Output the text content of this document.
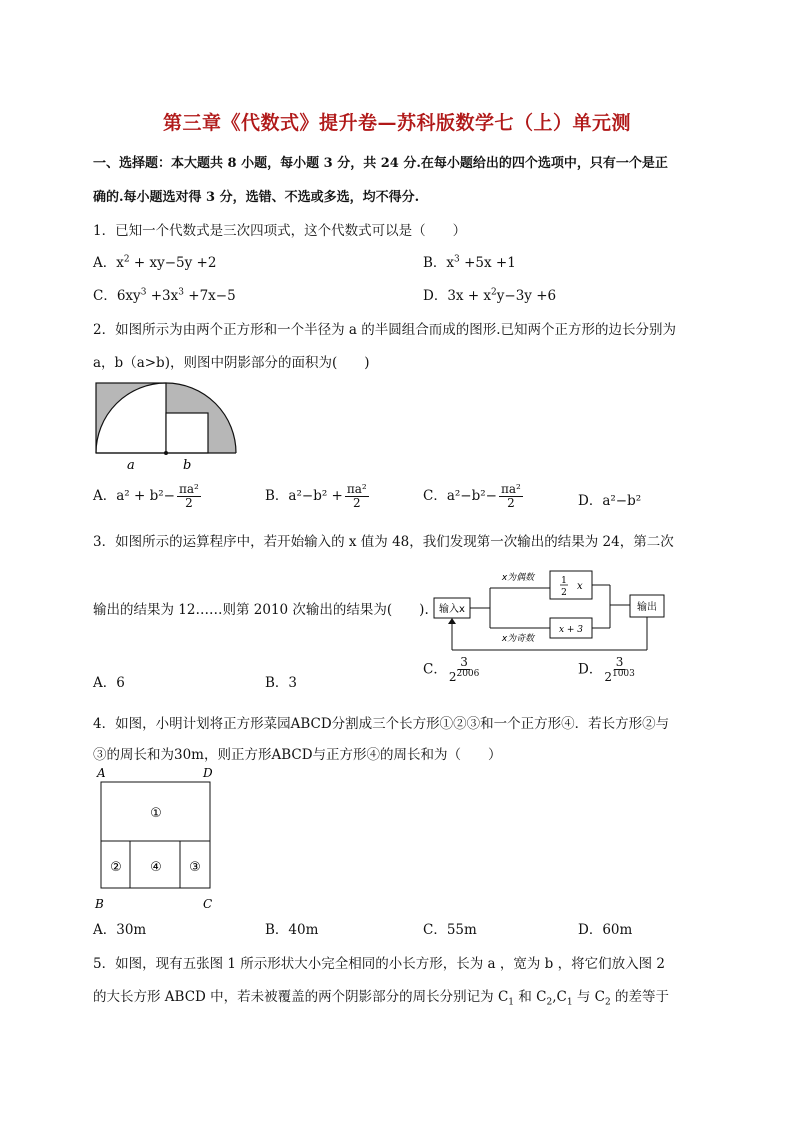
第三章《代数式》提升卷—苏科版数学七（上）单元测
一、选择题：本大题共 8 小题，每小题 3 分，共 24 分.在每小题给出的四个选项中，只有一个是正
确的.每小题选对得 3 分，选错、不选或多选，均不得分.
1．已知一个代数式是三次四项式，这个代数式可以是（　　）
A．$x^2 + xy-5y +2$	B．$x^3 +5x +1$
C．$6xy^3 +3x^3 +7x-5$	D．$3x + x^2y-3y +6$
2．如图所示为由两个正方形和一个半径为 a 的半圆组合而成的图形.已知两个正方形的边长分别为
a，b（a>b)，则图中阴影部分的面积为(　　)
a	b
A．$a^2 + b^2- \frac{\text{πa²}}{2}$	B．$a^2-b^2 + \frac{\text{πa²}}{2}$	C．$a^2-b^2- \frac{\text{πa²}}{2}$	D．a²−b²
3．如图所示的运算程序中，若开始输入的 x 值为 48，我们发现第一次输出的结果为 24，第二次
输出的结果为 12……则第 2010 次输出的结果为(　　). 输入x
x为偶数
x为奇数
1
2
x
x + 3
输出
A．6	B．3
C． $\frac{3}{2^{2006}}$	D． $\frac{3}{2^{1003}}$
4．如图，小明计划将正方形菜园ABCD分割成三个长方形①②③和一个正方形④．若长方形②与
③的周长和为30m，则正方形ABCD与正方形④的周长和为（　　）
A	D
B	C
①
② ④ ③
A．30m	B．40m	C．55m	D．60m
5．如图，现有五张图 1 所示形状大小完全相同的小长方形，长为 a ，宽为 b ，将它们放入图 2
的大长方形 ABCD 中，若未被覆盖的两个阴影部分的周长分别记为 $C_1$ 和 $C_2,C_1$ 与 $C_2$ 的差等于
